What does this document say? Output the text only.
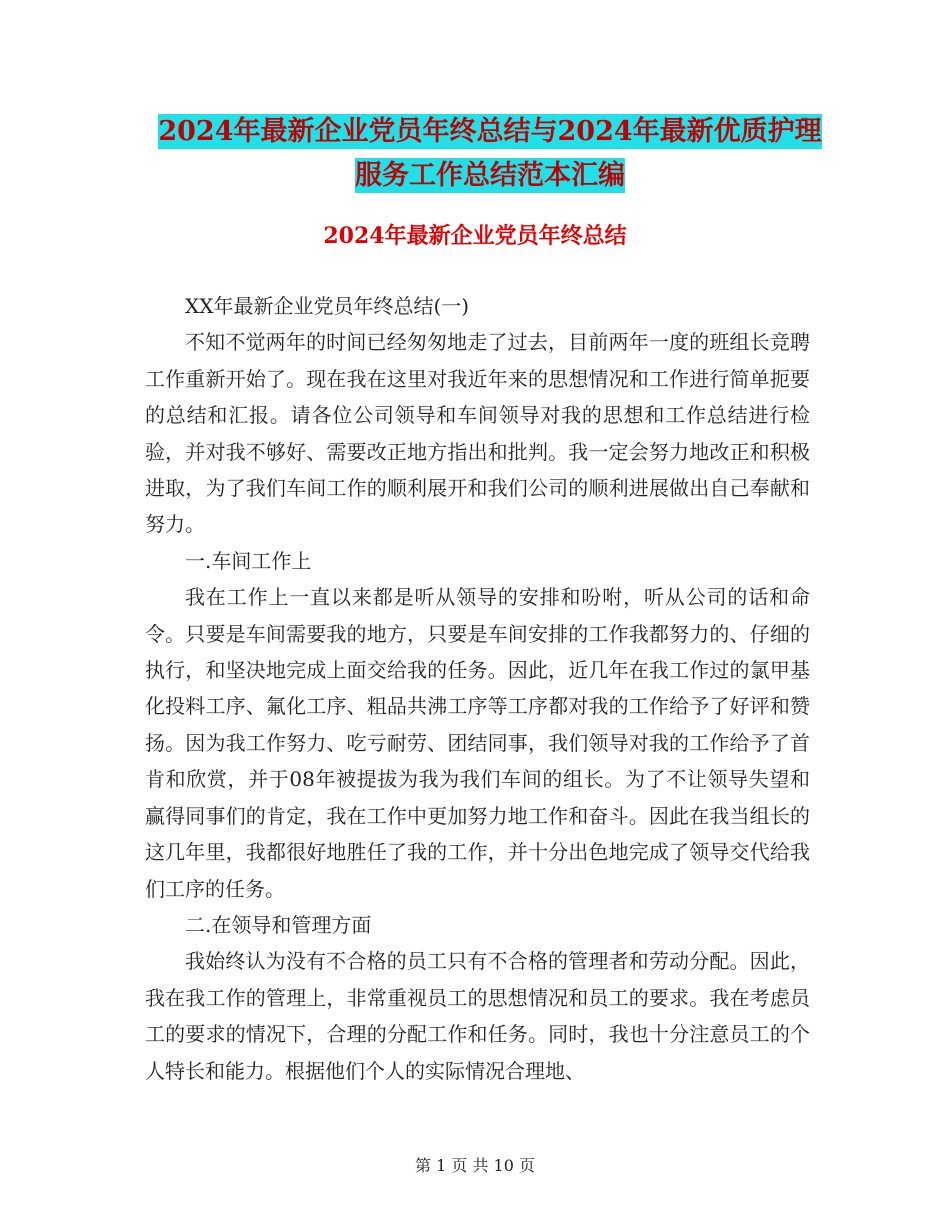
2024年最新企业党员年终总结与2024年最新优质护理
服务工作总结范本汇编
2024年最新企业党员年终总结

XX年最新企业党员年终总结(一)

不知不觉两年的时间已经匆匆地走了过去，目前两年一度的班组长竞聘工作重新开始了。现在我在这里对我近年来的思想情况和工作进行简单扼要的总结和汇报。请各位公司领导和车间领导对我的思想和工作总结进行检验，并对我不够好、需要改正地方指出和批判。我一定会努力地改正和积极进取，为了我们车间工作的顺利展开和我们公司的顺利进展做出自己奉献和努力。

一.车间工作上

我在工作上一直以来都是听从领导的安排和吩咐，听从公司的话和命令。只要是车间需要我的地方，只要是车间安排的工作我都努力的、仔细的执行，和坚决地完成上面交给我的任务。因此，近几年在我工作过的氯甲基化投料工序、氟化工序、粗品共沸工序等工序都对我的工作给予了好评和赞扬。因为我工作努力、吃亏耐劳、团结同事，我们领导对我的工作给予了首肯和欣赏，并于08年被提拔为我为我们车间的组长。为了不让领导失望和赢得同事们的肯定，我在工作中更加努力地工作和奋斗。因此在我当组长的这几年里，我都很好地胜任了我的工作，并十分出色地完成了领导交代给我们工序的任务。

二.在领导和管理方面

我始终认为没有不合格的员工只有不合格的管理者和劳动分配。因此，我在我工作的管理上，非常重视员工的思想情况和员工的要求。我在考虑员工的要求的情况下，合理的分配工作和任务。同时，我也十分注意员工的个人特长和能力。根据他们个人的实际情况合理地、

第 1 页 共 10 页
